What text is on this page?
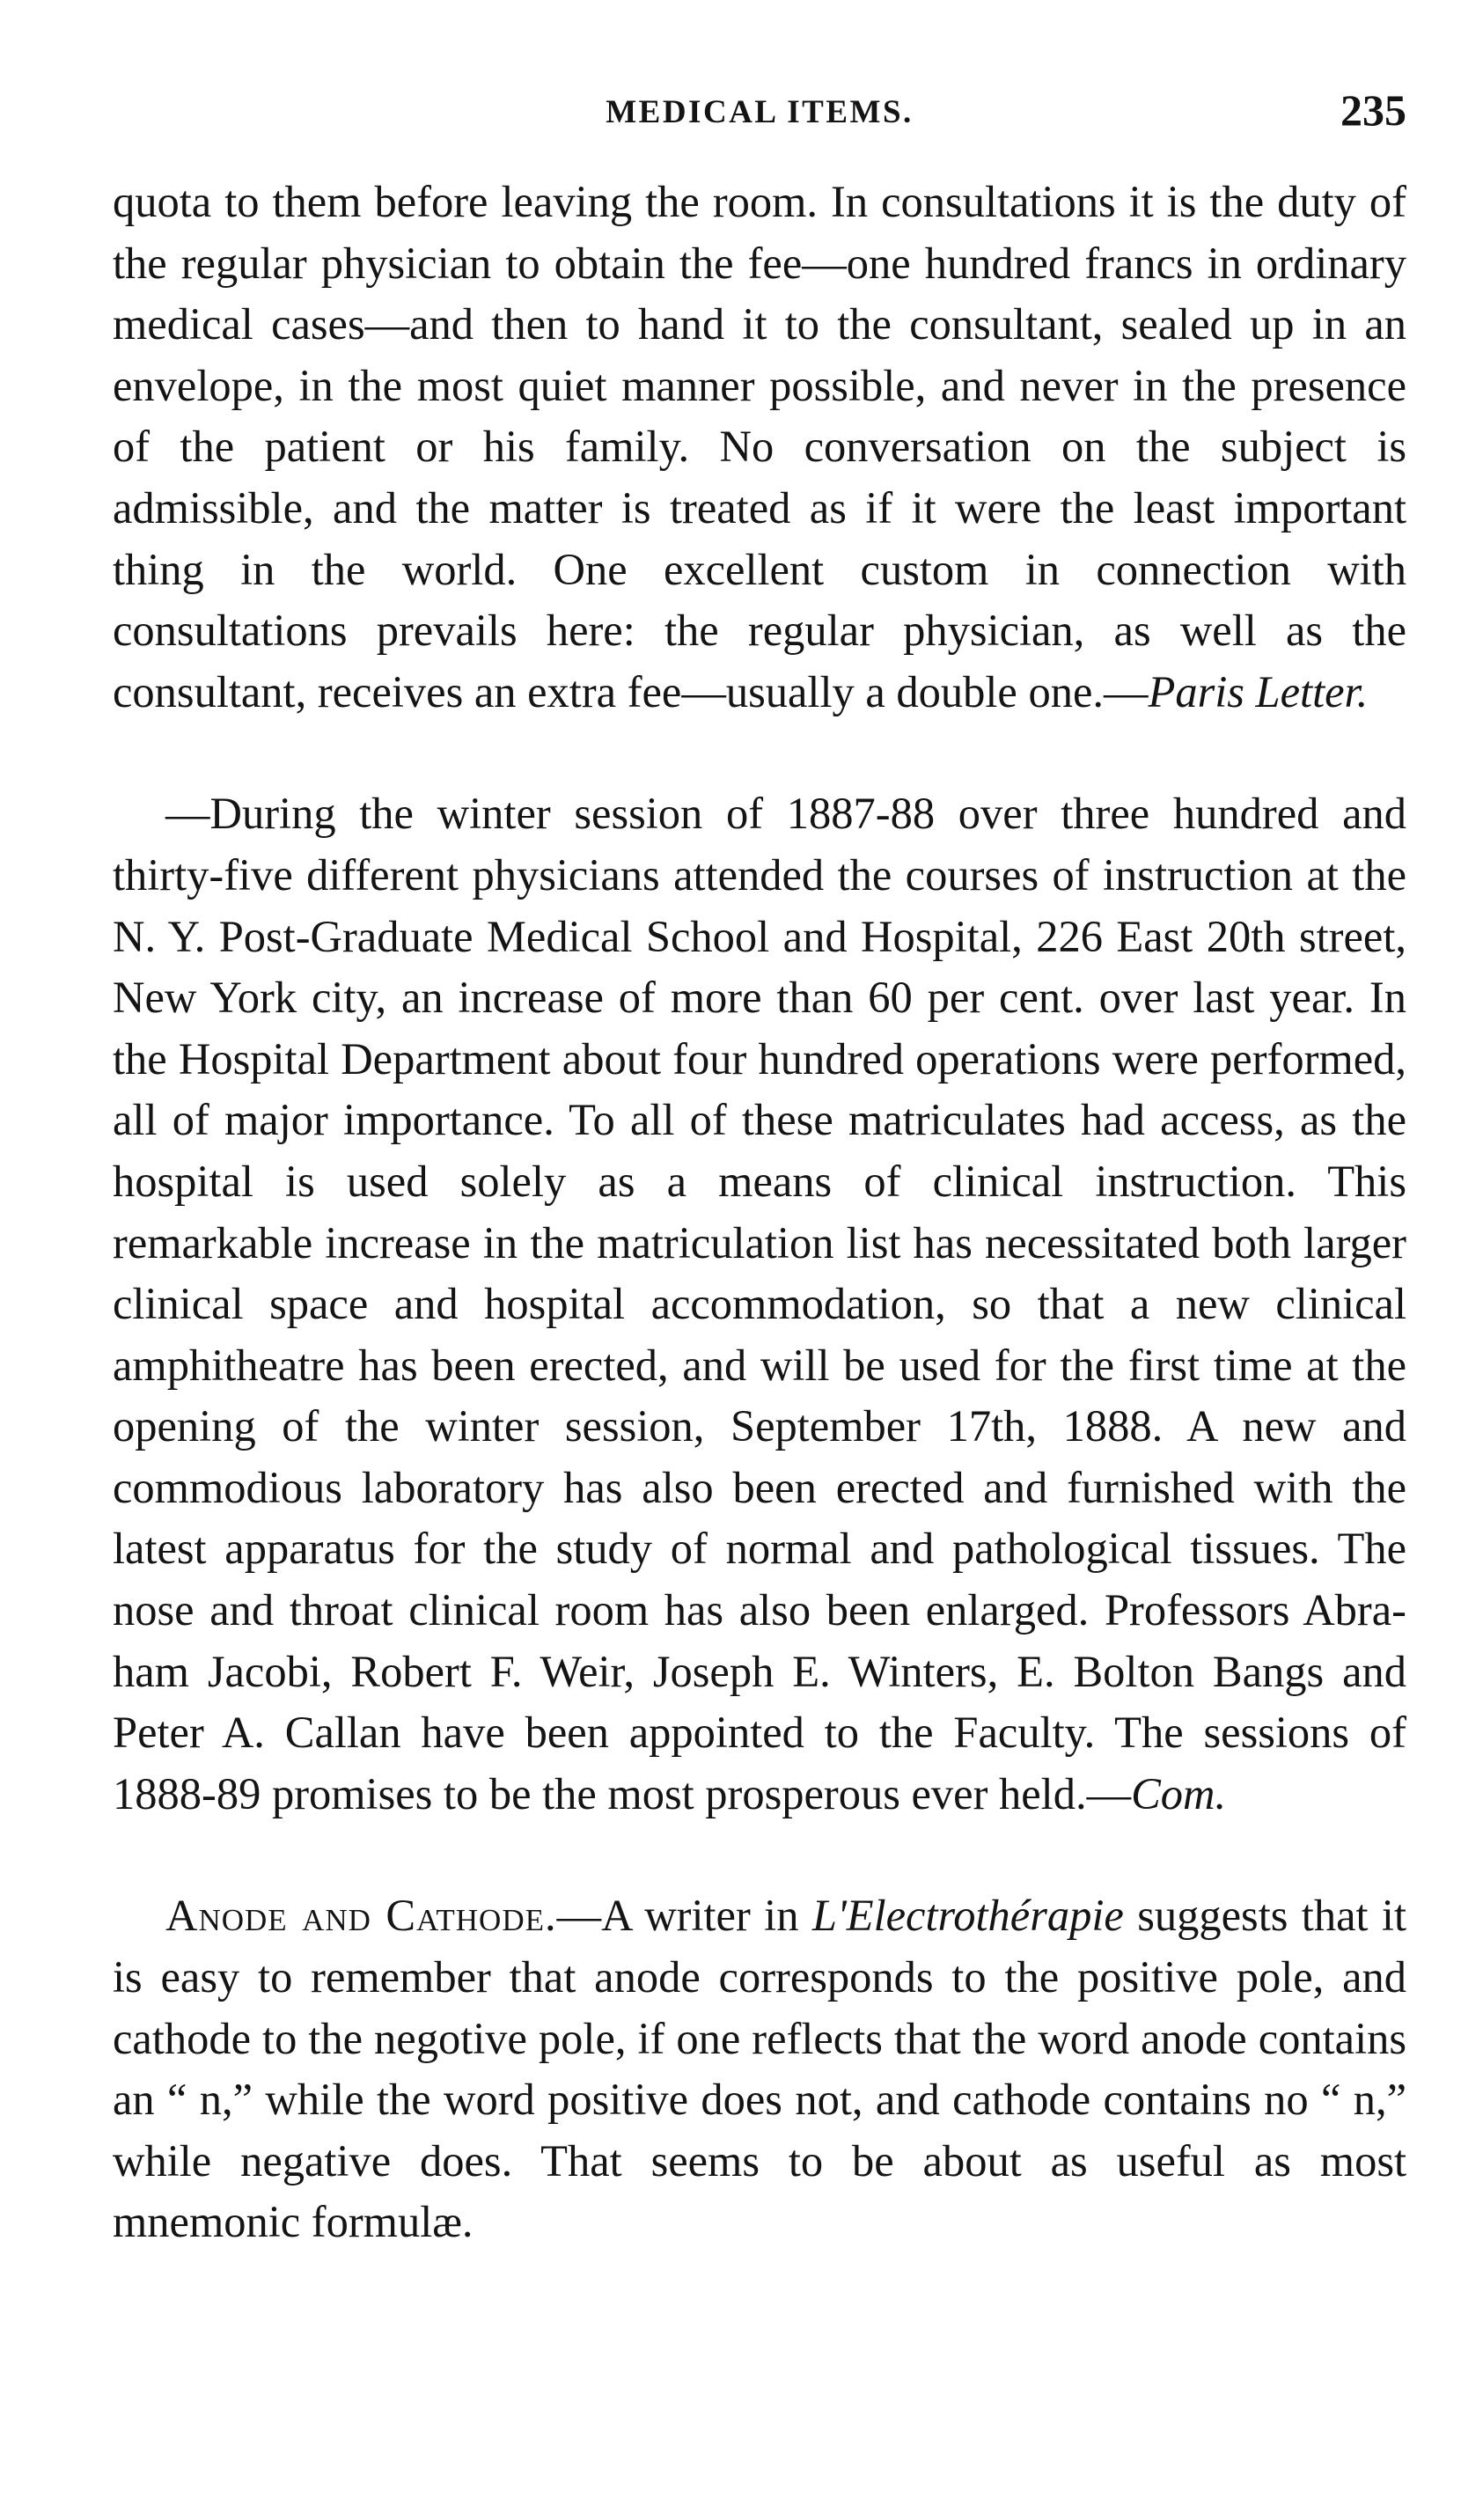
MEDICAL ITEMS.	235

quota to them before leaving the room. In consultations it is the duty of the regular physician to obtain the fee—one hundred francs in ordinary medical cases—and then to hand it to the consultant, sealed up in an envelope, in the most quiet manner possible, and never in the presence of the patient or his family. No conversation on the subject is admissible, and the matter is treated as if it were the least important thing in the world. One excellent custom in connection with consultations prevails here: the regular physician, as well as the consultant, receives an extra fee—usually a double one.—Paris Letter.

—During the winter session of 1887-88 over three hundred and thirty-five different physicians attended the courses of instruction at the N. Y. Post-Graduate Medical School and Hospital, 226 East 20th street, New York city, an increase of more than 60 per cent. over last year. In the Hospital Department about four hundred operations were performed, all of major importance. To all of these matriculates had access, as the hospital is used solely as a means of clinical instruction. This remarkable increase in the matriculation list has necessitated both larger clinical space and hospital accommodation, so that a new clinical amphitheatre has been erected, and will be used for the first time at the opening of the winter session, September 17th, 1888. A new and commodious laboratory has also been erected and furnished with the latest apparatus for the study of normal and pathological tissues. The nose and throat clinical room has also been enlarged. Professors Abraham Jacobi, Robert F. Weir, Joseph E. Winters, E. Bolton Bangs and Peter A. Callan have been appointed to the Faculty. The sessions of 1888-89 promises to be the most prosperous ever held.—Com.

Anode and Cathode.—A writer in L'Electrothérapie suggests that it is easy to remember that anode corresponds to the positive pole, and cathode to the negotive pole, if one reflects that the word anode contains an “ n,” while the word positive does not, and cathode contains no “ n,” while negative does. That seems to be about as useful as most mnemonic formulæ.
